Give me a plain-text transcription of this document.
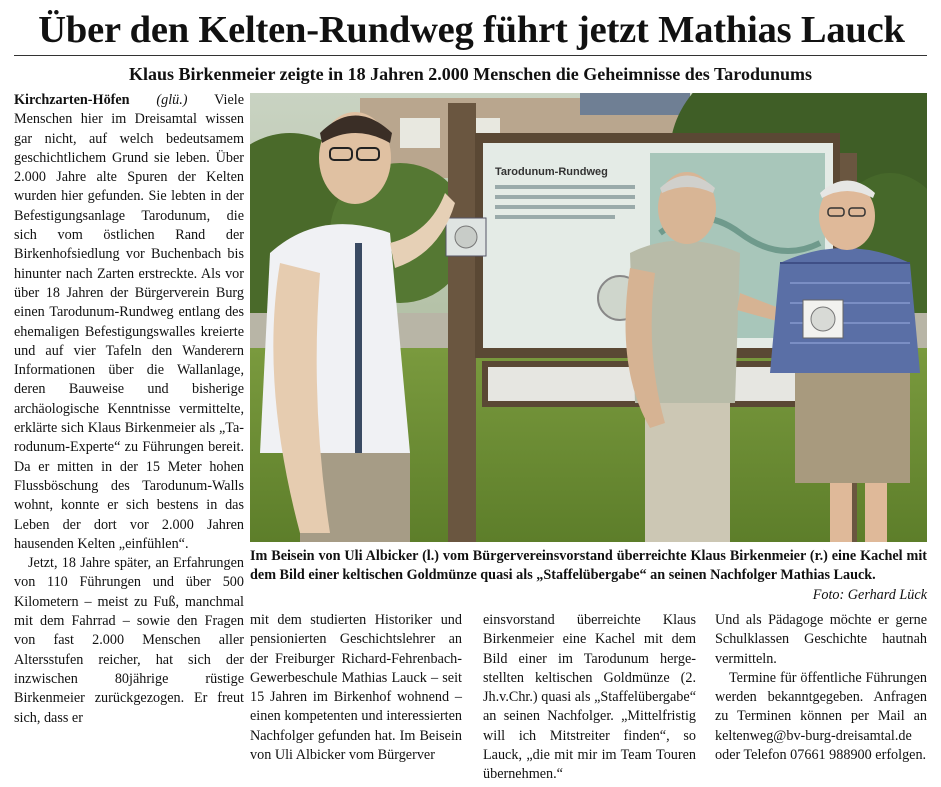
Über den Kelten-Rundweg führt jetzt Mathias Lauck
Klaus Birkenmeier zeigte in 18 Jahren 2.000 Menschen die Geheimnisse des Tarodunums

Kirchzarten-Höfen (glü.) Viele Menschen hier im Dreisamtal wissen gar nicht, auf welch bedeutsamem geschichtlichem Grund sie leben. Über 2.000 Jahre alte Spuren der Kelten wurden hier gefunden. Sie lebten in der Befestigungsanlage Tarodunum, die sich vom östlichen Rand der Birkenhofsiedlung vor Buchenbach bis hinunter nach Zarten erstreckte. Als vor über 18 Jahren der Bürgerverein Burg einen Tarodunum-Rundweg entlang des ehemaligen Befestigungswalles kreierte und auf vier Tafeln den Wanderern Informationen über die Wallanlage, deren Bauweise und bisherige archäologische Kenntnisse vermittelte, erklärte sich Klaus Birkenmeier als „Tarodunum-Experte“ zu Führungen bereit. Da er mitten in der 15 Meter hohen Flussböschung des Tarodunum-Walls wohnt, konnte er sich bestens in das Leben der dort vor 2.000 Jahren hausenden Kelten „einfühlen“.

Jetzt, 18 Jahre später, an Erfahrungen von 110 Führungen und über 500 Kilometern – meist zu Fuß, manchmal mit dem Fahrrad – sowie den Fragen von fast 2.000 Menschen aller Altersstufen reicher, hat sich der inzwischen 80jährige rüstige Birkenmeier zurückgezogen. Er freut sich, dass er

Tarodunum-Rundweg
Im Beisein von Uli Albicker (l.) vom Bürgervereinsvorstand überreichte Klaus Birkenmeier (r.) eine Kachel mit dem Bild einer keltischen Goldmünze quasi als „Staffelübergabe“ an seinen Nachfolger Mathias Lauck.
Foto: Gerhard Lück

mit dem studierten Historiker und pensionierten Geschichtslehrer an der Freiburger Richard-Fehrenbach-Gewerbeschule Mathias Lauck – seit 15 Jahren im Birkenhof wohnend – einen kompetenten und interessierten Nachfolger gefunden hat. Im Beisein von Uli Albicker vom Bürgerver

einsvorstand überreichte Klaus Birkenmeier eine Kachel mit dem Bild einer im Tarodunum hergestellten keltischen Goldmünze (2. Jh.v.Chr.) quasi als „Staffelübergabe“ an seinen Nachfolger. „Mittelfristig will ich Mitstreiter finden“, so Lauck, „die mit mir im Team Touren übernehmen.“

Und als Pädagoge möchte er gerne Schulklassen Geschichte hautnah vermitteln.

Termine für öffentliche Führungen werden bekanntgegeben. Anfragen zu Terminen können per Mail an keltenweg@bv-burg-dreisamtal.de oder Telefon 07661 988900 erfolgen.
